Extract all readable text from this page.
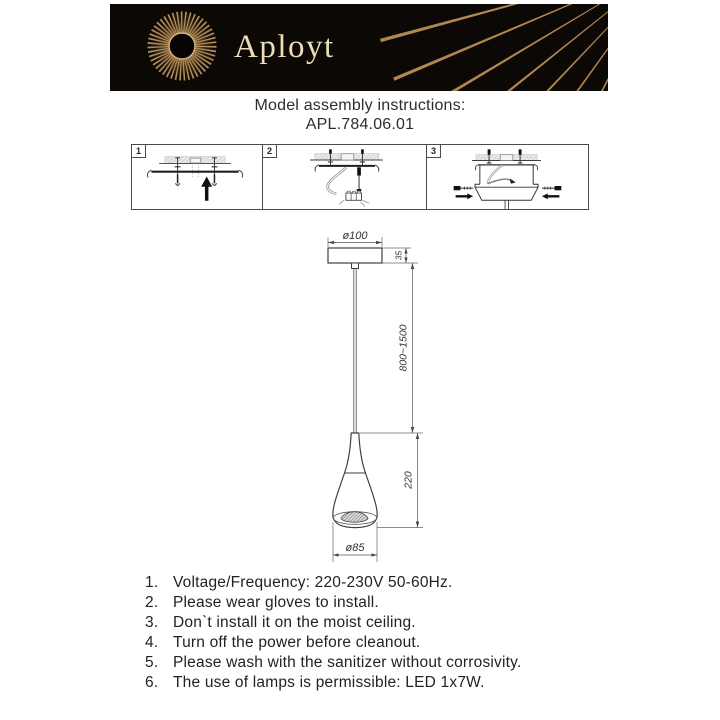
Aployt
Model assembly instructions:
APL.784.06.01
1	2	3
ø100
35
800~1500
220
ø85
1. Voltage/Frequency: 220-230V 50-60Hz.
2. Please wear gloves to install.
3. Don`t install it on the moist ceiling.
4. Turn off the power before cleanout.
5. Please wash with the sanitizer without corrosivity.
6. The use of lamps is permissible: LED 1x7W.
